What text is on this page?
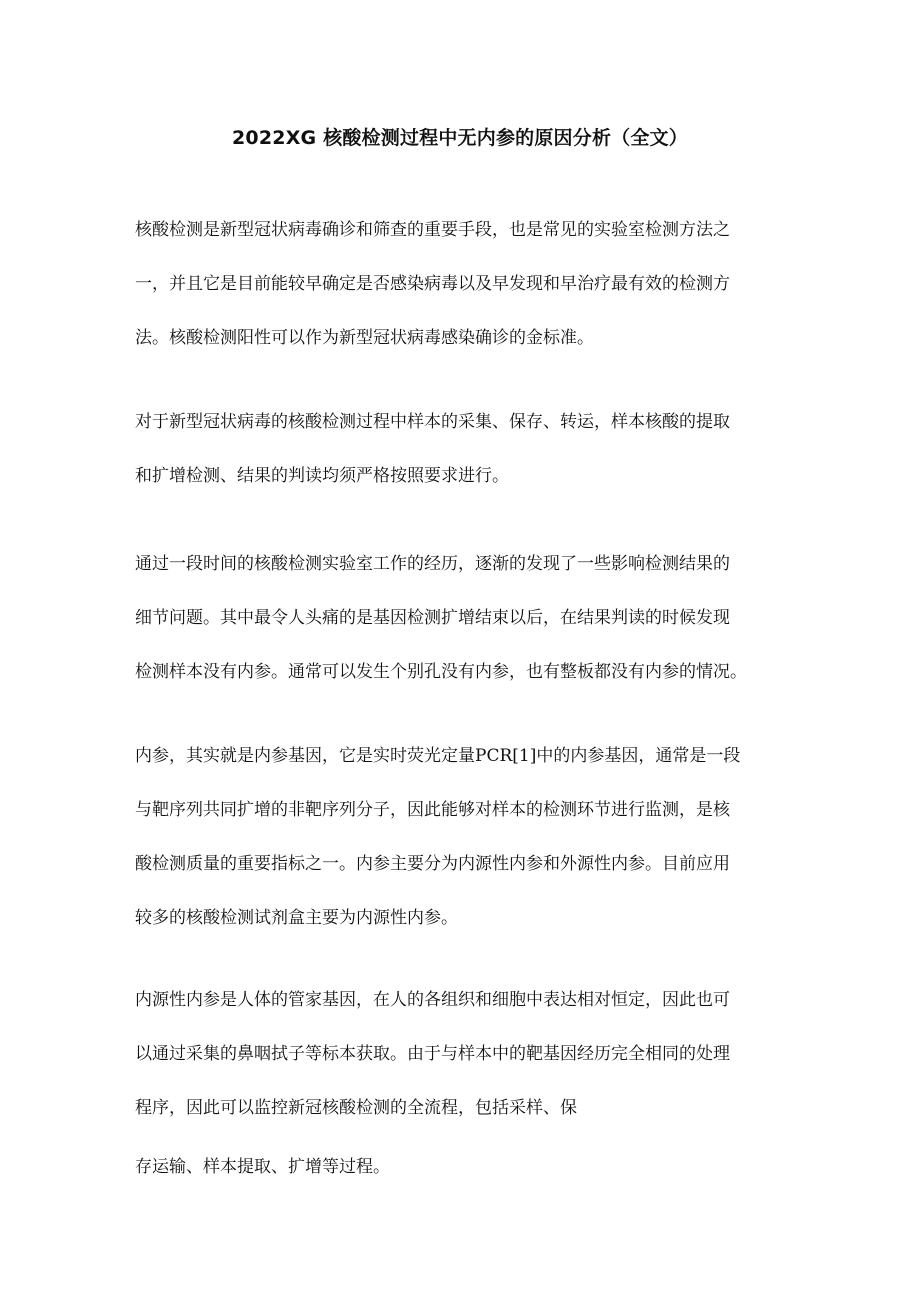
2022XG 核酸检测过程中无内参的原因分析（全文）
核酸检测是新型冠状病毒确诊和筛查的重要手段，也是常见的实验室检测方法之
一，并且它是目前能较早确定是否感染病毒以及早发现和早治疗最有效的检测方
法。核酸检测阳性可以作为新型冠状病毒感染确诊的金标准。
对于新型冠状病毒的核酸检测过程中样本的采集、保存、转运，样本核酸的提取
和扩增检测、结果的判读均须严格按照要求进行。
通过一段时间的核酸检测实验室工作的经历，逐渐的发现了一些影响检测结果的
细节问题。其中最令人头痛的是基因检测扩增结束以后，在结果判读的时候发现
检测样本没有内参。通常可以发生个别孔没有内参，也有整板都没有内参的情况。
内参，其实就是内参基因，它是实时荧光定量PCR[1]中的内参基因，通常是一段
与靶序列共同扩增的非靶序列分子，因此能够对样本的检测环节进行监测，是核
酸检测质量的重要指标之一。内参主要分为内源性内参和外源性内参。目前应用
较多的核酸检测试剂盒主要为内源性内参。
内源性内参是人体的管家基因，在人的各组织和细胞中表达相对恒定，因此也可
以通过采集的鼻咽拭子等标本获取。由于与样本中的靶基因经历完全相同的处理
程序，因此可以监控新冠核酸检测的全流程，包括采样、保
存运输、样本提取、扩增等过程。
